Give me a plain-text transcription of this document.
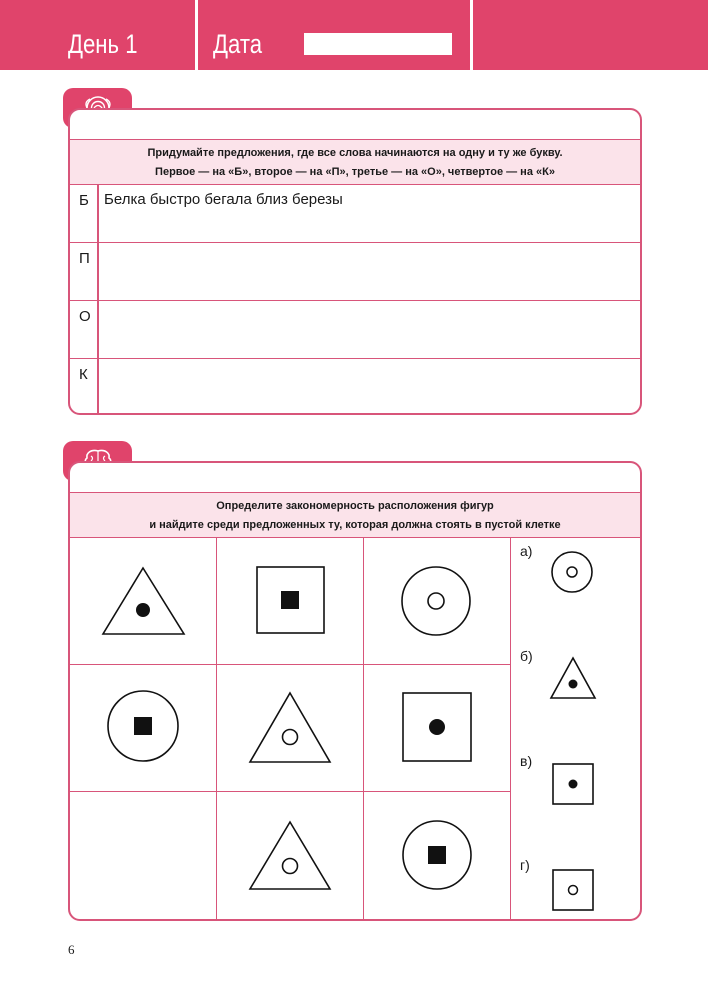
День 1	Дата
Придумайте предложения, где все слова начинаются на одну и ту же букву.
Первое — на «Б», второе — на «П», третье — на «О», четвертое — на «К»
Б Белка быстро бегала близ березы
П
О
К
Определите закономерность расположения фигур
и найдите среди предложенных ту, которая должна стоять в пустой клетке
а)
б)
в)
г)
6
